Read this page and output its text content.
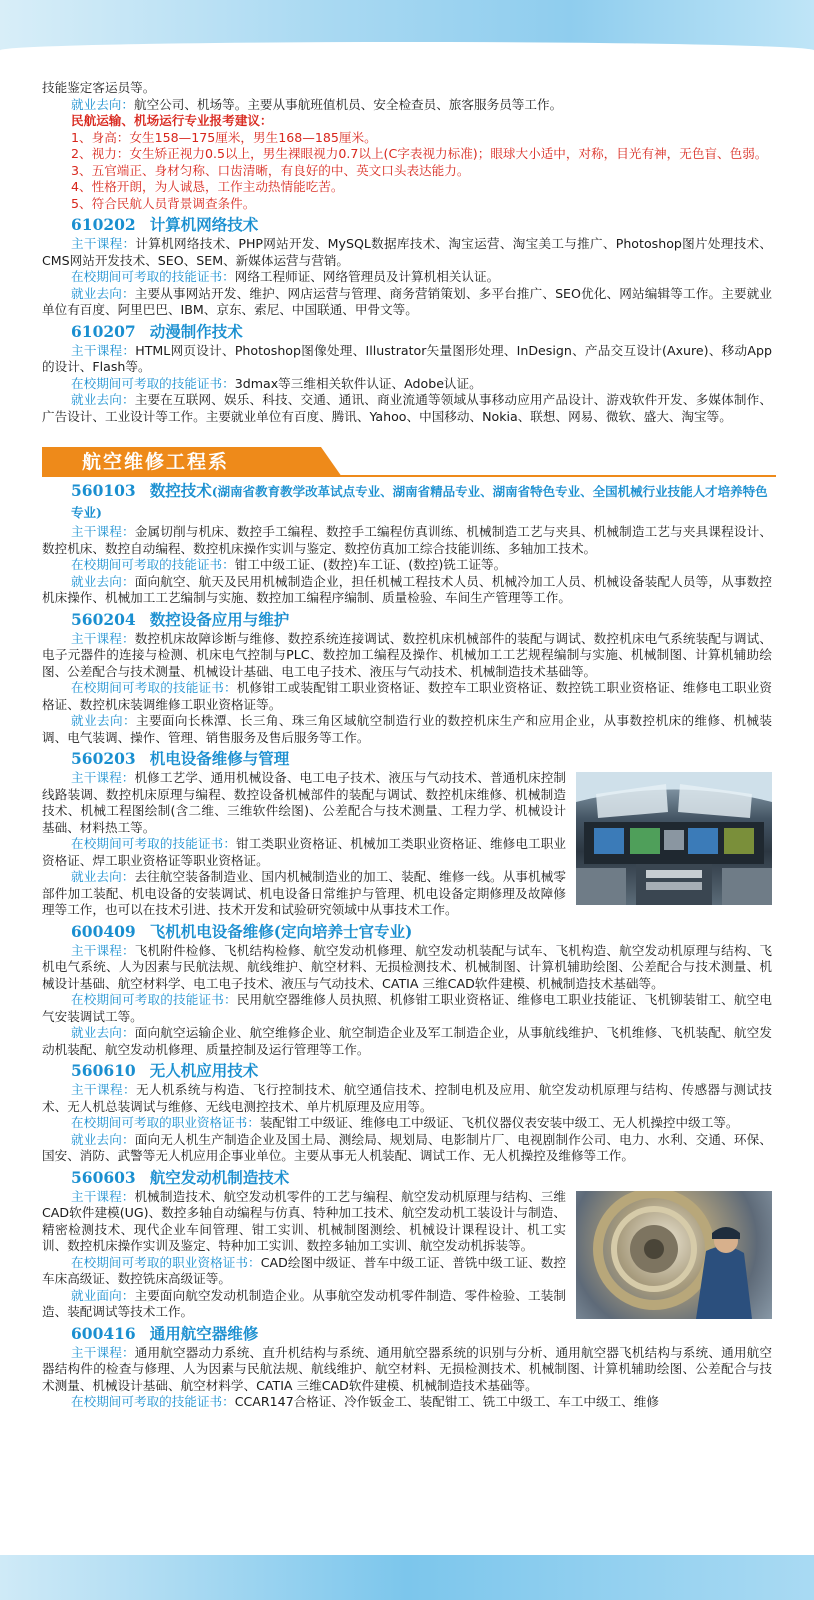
技能鉴定客运员等。

就业去向：航空公司、机场等。主要从事航班值机员、安全检查员、旅客服务员等工作。

民航运输、机场运行专业报考建议：

1、身高：女生158—175厘米，男生168—185厘米。

2、视力：女生矫正视力0.5以上，男生裸眼视力0.7以上(C字表视力标准)；眼球大小适中，对称，目光有神，无色盲、色弱。

3、五官端正、身材匀称、口齿清晰，有良好的中、英文口头表达能力。

4、性格开朗，为人诚恳，工作主动热情能吃苦。

5、符合民航人员背景调查条件。

610202 计算机网络技术

主干课程：计算机网络技术、PHP网站开发、MySQL数据库技术、淘宝运营、淘宝美工与推广、Photoshop图片处理技术、CMS网站开发技术、SEO、SEM、新媒体运营与营销。

在校期间可考取的技能证书：网络工程师证、网络管理员及计算机相关认证。

就业去向：主要从事网站开发、维护、网店运营与管理、商务营销策划、多平台推广、SEO优化、网站编辑等工作。主要就业单位有百度、阿里巴巴、IBM、京东、索尼、中国联通、甲骨文等。

610207 动漫制作技术

主干课程：HTML网页设计、Photoshop图像处理、Illustrator矢量图形处理、InDesign、产品交互设计(Axure)、移动App的设计、Flash等。

在校期间可考取的技能证书：3dmax等三维相关软件认证、Adobe认证。

就业去向：主要在互联网、娱乐、科技、交通、通讯、商业流通等领域从事移动应用产品设计、游戏软件开发、多媒体制作、广告设计、工业设计等工作。主要就业单位有百度、腾讯、Yahoo、中国移动、Nokia、联想、网易、微软、盛大、淘宝等。

航空维修工程系
560103 数控技术(湖南省教育教学改革试点专业、湖南省精品专业、湖南省特色专业、全国机械行业技能人才培养特色专业)

主干课程：金属切削与机床、数控手工编程、数控手工编程仿真训练、机械制造工艺与夹具、机械制造工艺与夹具课程设计、数控机床、数控自动编程、数控机床操作实训与鉴定、数控仿真加工综合技能训练、多轴加工技术。

在校期间可考取的技能证书：钳工中级工证、(数控)车工证、(数控)铣工证等。

就业去向：面向航空、航天及民用机械制造企业，担任机械工程技术人员、机械冷加工人员、机械设备装配人员等，从事数控机床操作、机械加工工艺编制与实施、数控加工编程序编制、质量检验、车间生产管理等工作。

560204 数控设备应用与维护

主干课程：数控机床故障诊断与维修、数控系统连接调试、数控机床机械部件的装配与调试、数控机床电气系统装配与调试、电子元器件的连接与检测、机床电气控制与PLC、数控加工编程及操作、机械加工工艺规程编制与实施、机械制图、计算机辅助绘图、公差配合与技术测量、机械设计基础、电工电子技术、液压与气动技术、机械制造技术基础等。

在校期间可考取的技能证书：机修钳工或装配钳工职业资格证、数控车工职业资格证、数控铣工职业资格证、维修电工职业资格证、数控机床装调维修工职业资格证等。

就业去向：主要面向长株潭、长三角、珠三角区域航空制造行业的数控机床生产和应用企业，从事数控机床的维修、机械装调、电气装调、操作、管理、销售服务及售后服务等工作。

560203 机电设备维修与管理

主干课程：机修工艺学、通用机械设备、电工电子技术、液压与气动技术、普通机床控制线路装调、数控机床原理与编程、数控设备机械部件的装配与调试、数控机床维修、机械制造技术、机械工程图绘制(含二维、三维软件绘图)、公差配合与技术测量、工程力学、机械设计基础、材料热工等。

在校期间可考取的技能证书：钳工类职业资格证、机械加工类职业资格证、维修电工职业资格证、焊工职业资格证等职业资格证。

就业去向：去往航空装备制造业、国内机械制造业的加工、装配、维修一线。从事机械零部件加工装配、机电设备的安装调试、机电设备日常维护与管理、机电设备定期修理及故障修理等工作，也可以在技术引进、技术开发和试验研究领域中从事技术工作。

600409 飞机机电设备维修(定向培养士官专业)

主干课程：飞机附件检修、飞机结构检修、航空发动机修理、航空发动机装配与试车、飞机构造、航空发动机原理与结构、飞机电气系统、人为因素与民航法规、航线维护、航空材料、无损检测技术、机械制图、计算机辅助绘图、公差配合与技术测量、机械设计基础、航空材料学、电工电子技术、液压与气动技术、CATIA 三维CAD软件建模、机械制造技术基础等。

在校期间可考取的技能证书：民用航空器维修人员执照、机修钳工职业资格证、维修电工职业技能证、飞机铆装钳工、航空电气安装调试工等。

就业去向：面向航空运输企业、航空维修企业、航空制造企业及军工制造企业，从事航线维护、飞机维修、飞机装配、航空发动机装配、航空发动机修理、质量控制及运行管理等工作。

560610 无人机应用技术

主干课程：无人机系统与构造、飞行控制技术、航空通信技术、控制电机及应用、航空发动机原理与结构、传感器与测试技术、无人机总装调试与维修、无线电测控技术、单片机原理及应用等。

在校期间可考取的职业资格证书：装配钳工中级证、维修电工中级证、飞机仪器仪表安装中级工、无人机操控中级工等。

就业去向：面向无人机生产制造企业及国土局、测绘局、规划局、电影制片厂、电视剧制作公司、电力、水利、交通、环保、国安、消防、武警等无人机应用企事业单位。主要从事无人机装配、调试工作、无人机操控及维修等工作。

560603 航空发动机制造技术

主干课程：机械制造技术、航空发动机零件的工艺与编程、航空发动机原理与结构、三维CAD软件建模(UG)、数控多轴自动编程与仿真、特种加工技术、航空发动机工装设计与制造、精密检测技术、现代企业车间管理、钳工实训、机械制图测绘、机械设计课程设计、机工实训、数控机床操作实训及鉴定、特种加工实训、数控多轴加工实训、航空发动机拆装等。

在校期间可考取的职业资格证书：CAD绘图中级证、普车中级工证、普铣中级工证、数控车床高级证、数控铣床高级证等。

就业面向：主要面向航空发动机制造企业。从事航空发动机零件制造、零件检验、工装制造、装配调试等技术工作。

600416 通用航空器维修

主干课程：通用航空器动力系统、直升机结构与系统、通用航空器系统的识别与分析、通用航空器飞机结构与系统、通用航空器结构件的检查与修理、人为因素与民航法规、航线维护、航空材料、无损检测技术、机械制图、计算机辅助绘图、公差配合与技术测量、机械设计基础、航空材料学、CATIA 三维CAD软件建模、机械制造技术基础等。

在校期间可考取的技能证书：CCAR147合格证、冷作钣金工、装配钳工、铣工中级工、车工中级工、维修
